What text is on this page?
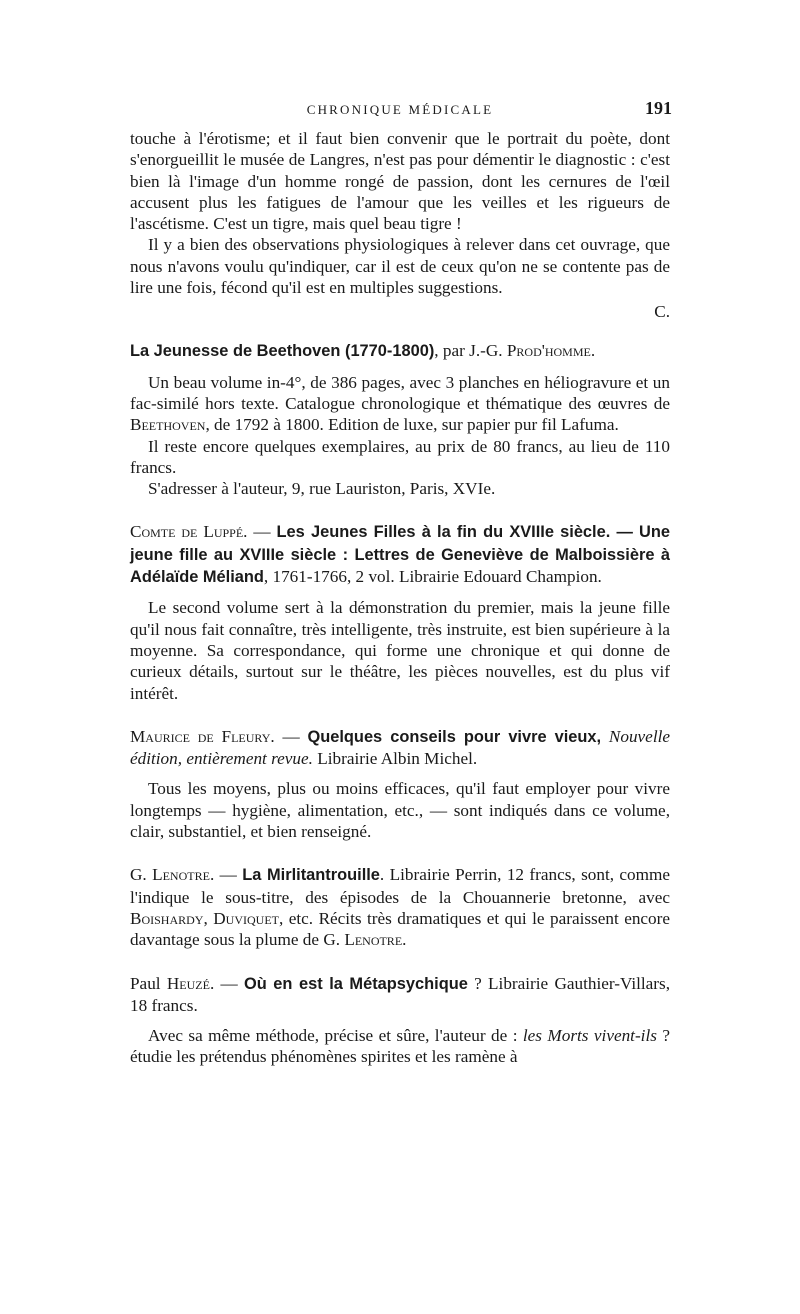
CHRONIQUE MÉDICALE	191

touche à l'érotisme; et il faut bien convenir que le portrait du poète, dont s'enorgueillit le musée de Langres, n'est pas pour démentir le diagnostic : c'est bien là l'image d'un homme rongé de passion, dont les cernures de l'œil accusent plus les fatigues de l'amour que les veilles et les rigueurs de l'ascétisme. C'est un tigre, mais quel beau tigre !

Il y a bien des observations physiologiques à relever dans cet ouvrage, que nous n'avons voulu qu'indiquer, car il est de ceux qu'on ne se contente pas de lire une fois, fécond qu'il est en multiples suggestions.

C.

La Jeunesse de Beethoven (1770-1800), par J.-G. Prod'homme.

Un beau volume in-4°, de 386 pages, avec 3 planches en héliogravure et un fac-similé hors texte. Catalogue chronologique et thématique des œuvres de Beethoven, de 1792 à 1800. Edition de luxe, sur papier pur fil Lafuma.

Il reste encore quelques exemplaires, au prix de 80 francs, au lieu de 110 francs.

S'adresser à l'auteur, 9, rue Lauriston, Paris, XVIe.

Comte de Luppé. — Les Jeunes Filles à la fin du XVIIIe siècle. — Une jeune fille au XVIIIe siècle : Lettres de Geneviève de Malboissière à Adélaïde Méliand, 1761-1766, 2 vol. Librairie Edouard Champion.

Le second volume sert à la démonstration du premier, mais la jeune fille qu'il nous fait connaître, très intelligente, très instruite, est bien supérieure à la moyenne. Sa correspondance, qui forme une chronique et qui donne de curieux détails, surtout sur le théâtre, les pièces nouvelles, est du plus vif intérêt.

Maurice de Fleury. — Quelques conseils pour vivre vieux, Nouvelle édition, entièrement revue. Librairie Albin Michel.

Tous les moyens, plus ou moins efficaces, qu'il faut employer pour vivre longtemps — hygiène, alimentation, etc., — sont indiqués dans ce volume, clair, substantiel, et bien renseigné.

G. Lenotre. — La Mirlitantrouille. Librairie Perrin, 12 francs, sont, comme l'indique le sous-titre, des épisodes de la Chouannerie bretonne, avec Boishardy, Duviquet, etc. Récits très dramatiques et qui le paraissent encore davantage sous la plume de G. Lenotre.

Paul Heuzé. — Où en est la Métapsychique ? Librairie Gauthier-Villars, 18 francs.

Avec sa même méthode, précise et sûre, l'auteur de : les Morts vivent-ils ? étudie les prétendus phénomènes spirites et les ramène à
